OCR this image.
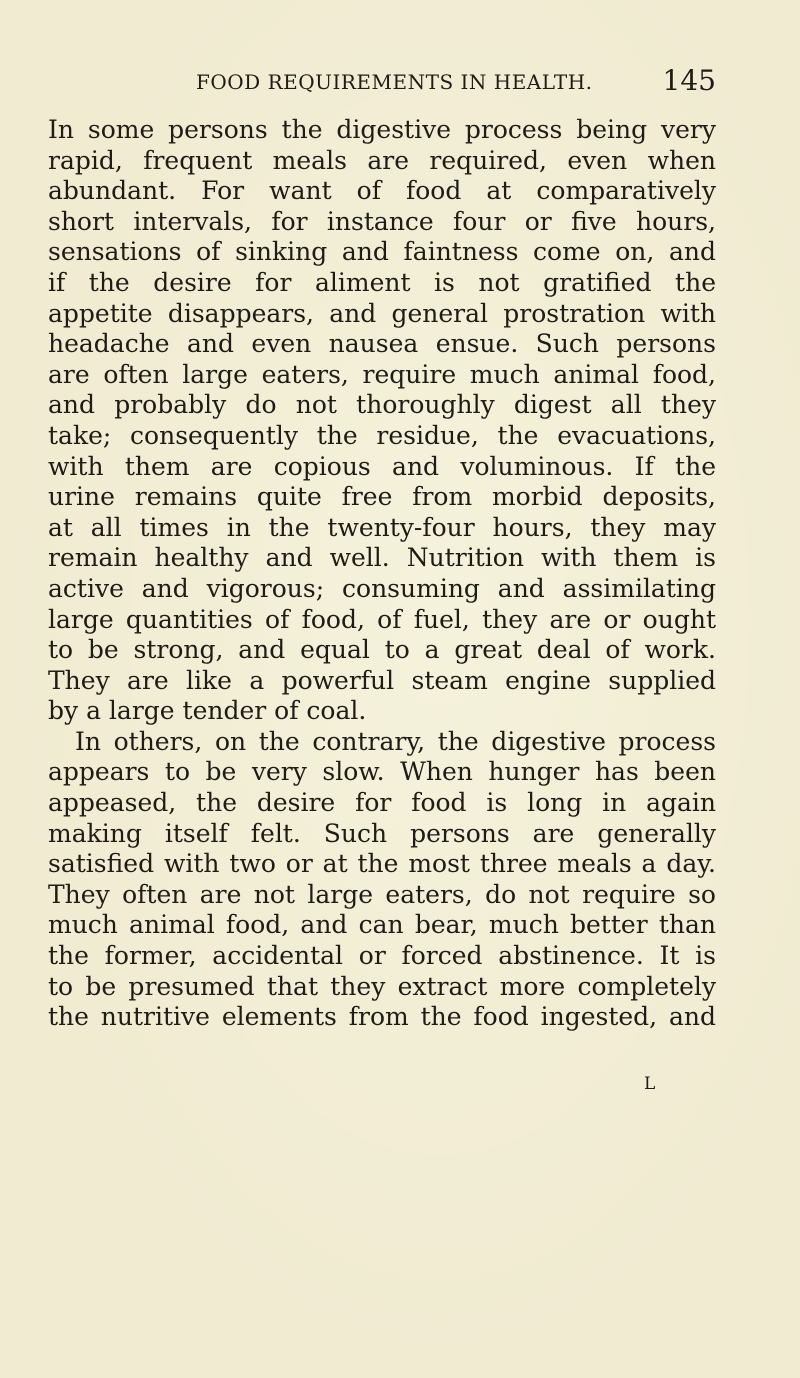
FOOD REQUIREMENTS IN HEALTH.	145
In some persons the digestive process being very
rapid, frequent meals are required, even when
abundant. For want of food at comparatively
short intervals, for instance four or five hours,
sensations of sinking and faintness come on, and
if the desire for aliment is not gratified the
appetite disappears, and general prostration with
headache and even nausea ensue. Such persons
are often large eaters, require much animal food,
and probably do not thoroughly digest all they
take; consequently the residue, the evacuations,
with them are copious and voluminous. If the
urine remains quite free from morbid deposits,
at all times in the twenty-four hours, they may
remain healthy and well. Nutrition with them is
active and vigorous; consuming and assimilating
large quantities of food, of fuel, they are or ought
to be strong, and equal to a great deal of work.
They are like a powerful steam engine supplied
by a large tender of coal.
In others, on the contrary, the digestive process
appears to be very slow. When hunger has been
appeased, the desire for food is long in again
making itself felt. Such persons are generally
satisfied with two or at the most three meals a day.
They often are not large eaters, do not require so
much animal food, and can bear, much better than
the former, accidental or forced abstinence. It is
to be presumed that they extract more completely
the nutritive elements from the food ingested, and
L
